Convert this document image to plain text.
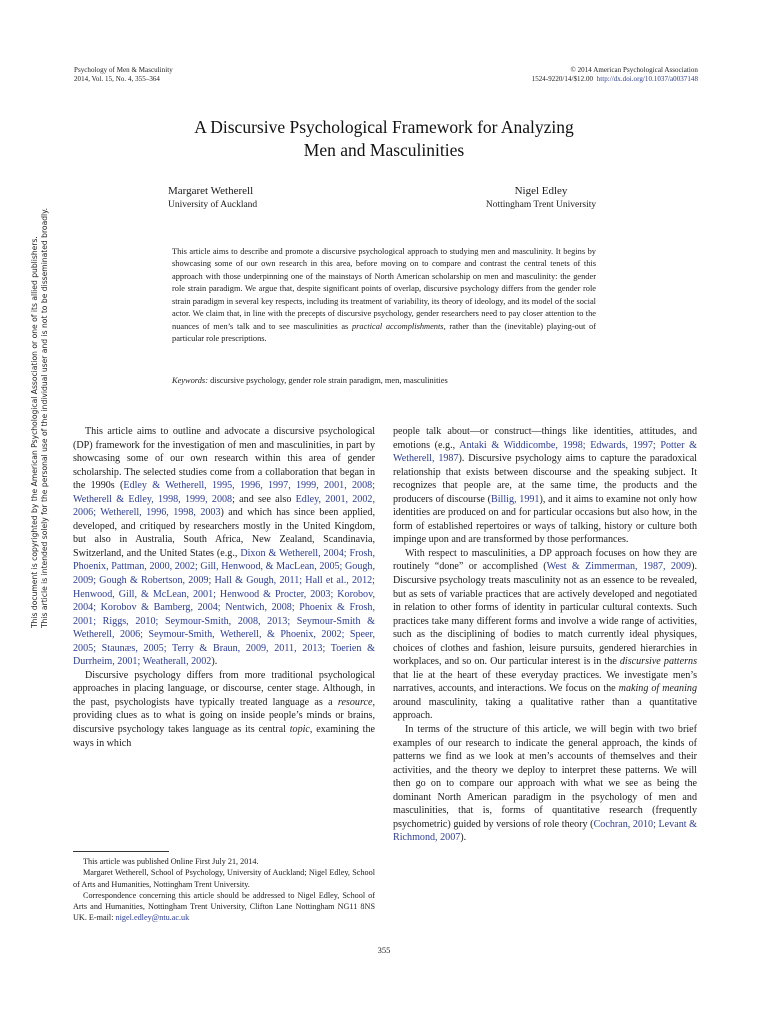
This document is copyrighted by the American Psychological Association or one of its allied publishers.
This article is intended solely for the personal use of the individual user and is not to be disseminated broadly.
Psychology of Men & Masculinity
2014, Vol. 15, No. 4, 355–364
© 2014 American Psychological Association
1524-9220/14/$12.00 http://dx.doi.org/10.1037/a0037148
A Discursive Psychological Framework for Analyzing
Men and Masculinities
Margaret Wetherell
University of Auckland
Nigel Edley
Nottingham Trent University
This article aims to describe and promote a discursive psychological approach to studying men and masculinity. It begins by showcasing some of our own research in this area, before moving on to compare and contrast the central tenets of this approach with those underpinning one of the mainstays of North American scholarship on men and masculinity: the gender role strain paradigm. We argue that, despite significant points of overlap, discursive psychology differs from the gender role strain paradigm in several key respects, including its treatment of variability, its theory of ideology, and its model of the social actor. We claim that, in line with the precepts of discursive psychology, gender researchers need to pay closer attention to the nuances of men’s talk and to see masculinities as practical accomplishments, rather than the (inevitable) playing-out of particular role prescriptions.
Keywords: discursive psychology, gender role strain paradigm, men, masculinities

This article aims to outline and advocate a discursive psychological (DP) framework for the investigation of men and masculinities, in part by showcasing some of our own research within this area of gender scholarship. The selected studies come from a collaboration that began in the 1990s (Edley & Wetherell, 1995, 1996, 1997, 1999, 2001, 2008; Wetherell & Edley, 1998, 1999, 2008; and see also Edley, 2001, 2002, 2006; Wetherell, 1996, 1998, 2003) and which has since been applied, developed, and critiqued by researchers mostly in the United Kingdom, but also in Australia, South Africa, New Zealand, Scandinavia, Switzerland, and the United States (e.g., Dixon & Wetherell, 2004; Frosh, Phoenix, Pattman, 2000, 2002; Gill, Henwood, & MacLean, 2005; Gough, 2009; Gough & Robertson, 2009; Hall & Gough, 2011; Hall et al., 2012; Henwood, Gill, & McLean, 2001; Henwood & Procter, 2003; Korobov, 2004; Korobov & Bamberg, 2004; Nentwich, 2008; Phoenix & Frosh, 2001; Riggs, 2010; Seymour-Smith, 2008, 2013; Seymour-Smith & Wetherell, 2006; Seymour-Smith, Wetherell, & Phoenix, 2002; Speer, 2005; Staunæs, 2005; Terry & Braun, 2009, 2011, 2013; Toerien & Durrheim, 2001; Weatherall, 2002).

Discursive psychology differs from more traditional psychological approaches in placing language, or discourse, center stage. Although, in the past, psychologists have typically treated language as a resource, providing clues as to what is going on inside people’s minds or brains, discursive psychology takes language as its central topic, examining the ways in which

people talk about—or construct—things like identities, attitudes, and emotions (e.g., Antaki & Widdicombe, 1998; Edwards, 1997; Potter & Wetherell, 1987). Discursive psychology aims to capture the paradoxical relationship that exists between discourse and the speaking subject. It recognizes that people are, at the same time, the products and the producers of discourse (Billig, 1991), and it aims to examine not only how identities are produced on and for particular occasions but also how, in the form of established repertoires or ways of talking, history or culture both impinge upon and are transformed by those performances.

With respect to masculinities, a DP approach focuses on how they are routinely “done” or accomplished (West & Zimmerman, 1987, 2009). Discursive psychology treats masculinity not as an essence to be revealed, but as sets of variable practices that are actively developed and negotiated in relation to other forms of identity in particular cultural contexts. Such practices take many different forms and involve a wide range of activities, such as the disciplining of bodies to match currently ideal physiques, choices of clothes and fashion, leisure pursuits, gendered hierarchies in workplaces, and so on. Our particular interest is in the discursive patterns that lie at the heart of these everyday practices. We investigate men’s narratives, accounts, and interactions. We focus on the making of meaning around masculinity, taking a qualitative rather than a quantitative approach.

In terms of the structure of this article, we will begin with two brief examples of our research to indicate the general approach, the kinds of patterns we find as we look at men’s accounts of themselves and their activities, and the theory we deploy to interpret these patterns. We will then go on to compare our approach with what we see as being the dominant North American paradigm in the psychology of men and masculinities, that is, forms of quantitative research (frequently psychometric) guided by versions of role theory (Cochran, 2010; Levant & Richmond, 2007).

This article was published Online First July 21, 2014.

Margaret Wetherell, School of Psychology, University of Auckland; Nigel Edley, School of Arts and Humanities, Nottingham Trent University.

Correspondence concerning this article should be addressed to Nigel Edley, School of Arts and Humanities, Nottingham Trent University, Clifton Lane Nottingham NG11 8NS UK. E-mail: nigel.edley@ntu.ac.uk

355
